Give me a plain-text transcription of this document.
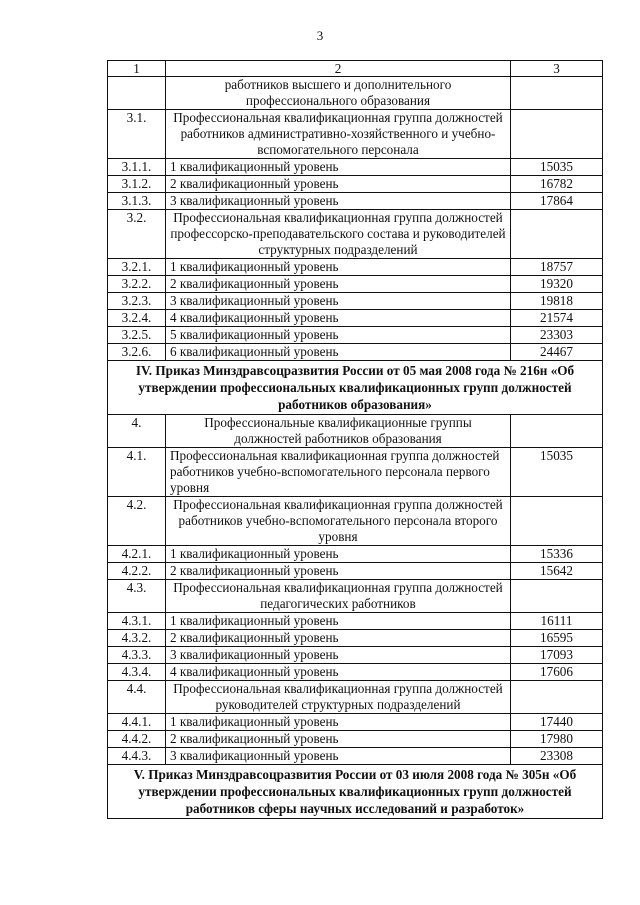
3
1	2	3
	работников высшего и дополнительного профессионального образования	
3.1.	Профессиональная квалификационная группа должностей работников административно-хозяйственного и учебно-вспомогательного персонала	
3.1.1.	1 квалификационный уровень	15035
3.1.2.	2 квалификационный уровень	16782
3.1.3.	3 квалификационный уровень	17864
3.2.	Профессиональная квалификационная группа должностей профессорско-преподавательского состава и руководителей структурных подразделений	
3.2.1.	1 квалификационный уровень	18757
3.2.2.	2 квалификационный уровень	19320
3.2.3.	3 квалификационный уровень	19818
3.2.4.	4 квалификационный уровень	21574
3.2.5.	5 квалификационный уровень	23303
3.2.6.	6 квалификационный уровень	24467
IV. Приказ Минздравсоцразвития России от 05 мая 2008 года № 216н «Об утверждении профессиональных квалификационных групп должностей работников образования»		
4.	Профессиональные квалификационные группы должностей работников образования	
4.1.	Профессиональная квалификационная группа должностей работников учебно-вспомогательного персонала первого уровня	15035
4.2.	Профессиональная квалификационная группа должностей работников учебно-вспомогательного персонала второго уровня	
4.2.1.	1 квалификационный уровень	15336
4.2.2.	2 квалификационный уровень	15642
4.3.	Профессиональная квалификационная группа должностей педагогических работников	
4.3.1.	1 квалификационный уровень	16111
4.3.2.	2 квалификационный уровень	16595
4.3.3.	3 квалификационный уровень	17093
4.3.4.	4 квалификационный уровень	17606
4.4.	Профессиональная квалификационная группа должностей руководителей структурных подразделений	
4.4.1.	1 квалификационный уровень	17440
4.4.2.	2 квалификационный уровень	17980
4.4.3.	3 квалификационный уровень	23308
V. Приказ Минздравсоцразвития России от 03 июля 2008 года № 305н «Об утверждении профессиональных квалификационных групп должностей работников сферы научных исследований и разработок»		
